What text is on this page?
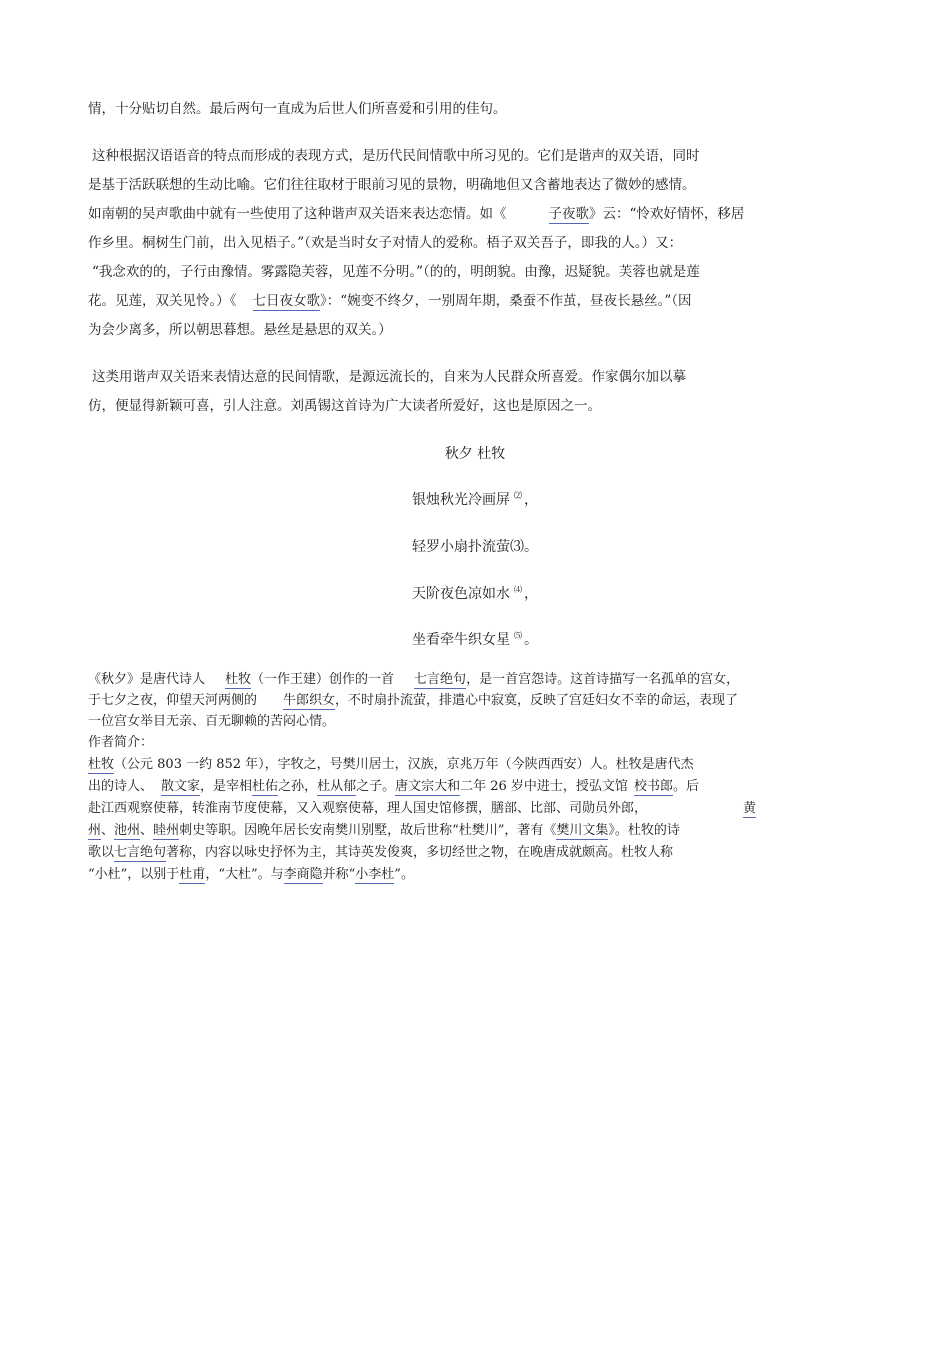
情，十分贴切自然。最后两句一直成为后世人们所喜爱和引用的佳句。
这种根据汉语语音的特点而形成的表现方式，是历代民间情歌中所习见的。它们是谐声的双关语，同时
是基于活跃联想的生动比喻。它们往往取材于眼前习见的景物，明确地但又含蓄地表达了微妙的感情。
如南朝的吴声歌曲中就有一些使用了这种谐声双关语来表达恋情。如《	子夜歌》云：“怜欢好情怀，移居
作乡里。桐树生门前，出入见梧子。”（欢是当时女子对情人的爱称。梧子双关吾子，即我的人。）又：
“我念欢的的，子行由豫情。雾露隐芙蓉，见莲不分明。”（的的，明朗貌。由豫，迟疑貌。芙蓉也就是莲
花。见莲，双关见怜。）《 七日夜女歌》：“婉变不终夕，一别周年期，桑蚕不作茧，昼夜长悬丝。”（因
为会少离多，所以朝思暮想。悬丝是悬思的双关。）
这类用谐声双关语来表情达意的民间情歌，是源远流长的，自来为人民群众所喜爱。作家偶尔加以摹
仿，便显得新颖可喜，引人注意。刘禹锡这首诗为广大读者所爱好，这也是原因之一。
秋夕 杜牧
银烛秋光冷画屏 ⑵ ，
轻罗小扇扑流萤⑶。
天阶夜色凉如水 ⑷ ，
坐看牵牛织女星 ⑸ 。
《秋夕》是唐代诗人 杜牧（一作王建）创作的一首 七言绝句，是一首宫怨诗。这首诗描写一名孤单的宫女，
于七夕之夜，仰望天河两侧的 牛郎织女，不时扇扑流萤，排遣心中寂寞，反映了宫廷妇女不幸的命运，表现了
一位宫女举目无亲、百无聊赖的苦闷心情。
作者简介：
杜牧（公元 803 一约 852 年），字牧之，号樊川居士，汉族，京兆万年（今陕西西安）人。杜牧是唐代杰
出的诗人、 散文家，是宰相杜佑之孙，杜从郁之子。唐文宗大和二年 26 岁中进士，授弘文馆 校书郎。后
赴江西观察使幕，转淮南节度使幕，又入观察使幕，理人国史馆修撰，膳部、比部、司勋员外郎，	黄
州、池州、睦州刺史等职。因晚年居长安南樊川别墅，故后世称“杜樊川”，著有《樊川文集》。杜牧的诗
歌以七言绝句著称，内容以咏史抒怀为主，其诗英发俊爽，多切经世之物，在晚唐成就颇高。杜牧人称
“小杜”，以别于杜甫，“大杜”。与李商隐并称“小李杜”。
